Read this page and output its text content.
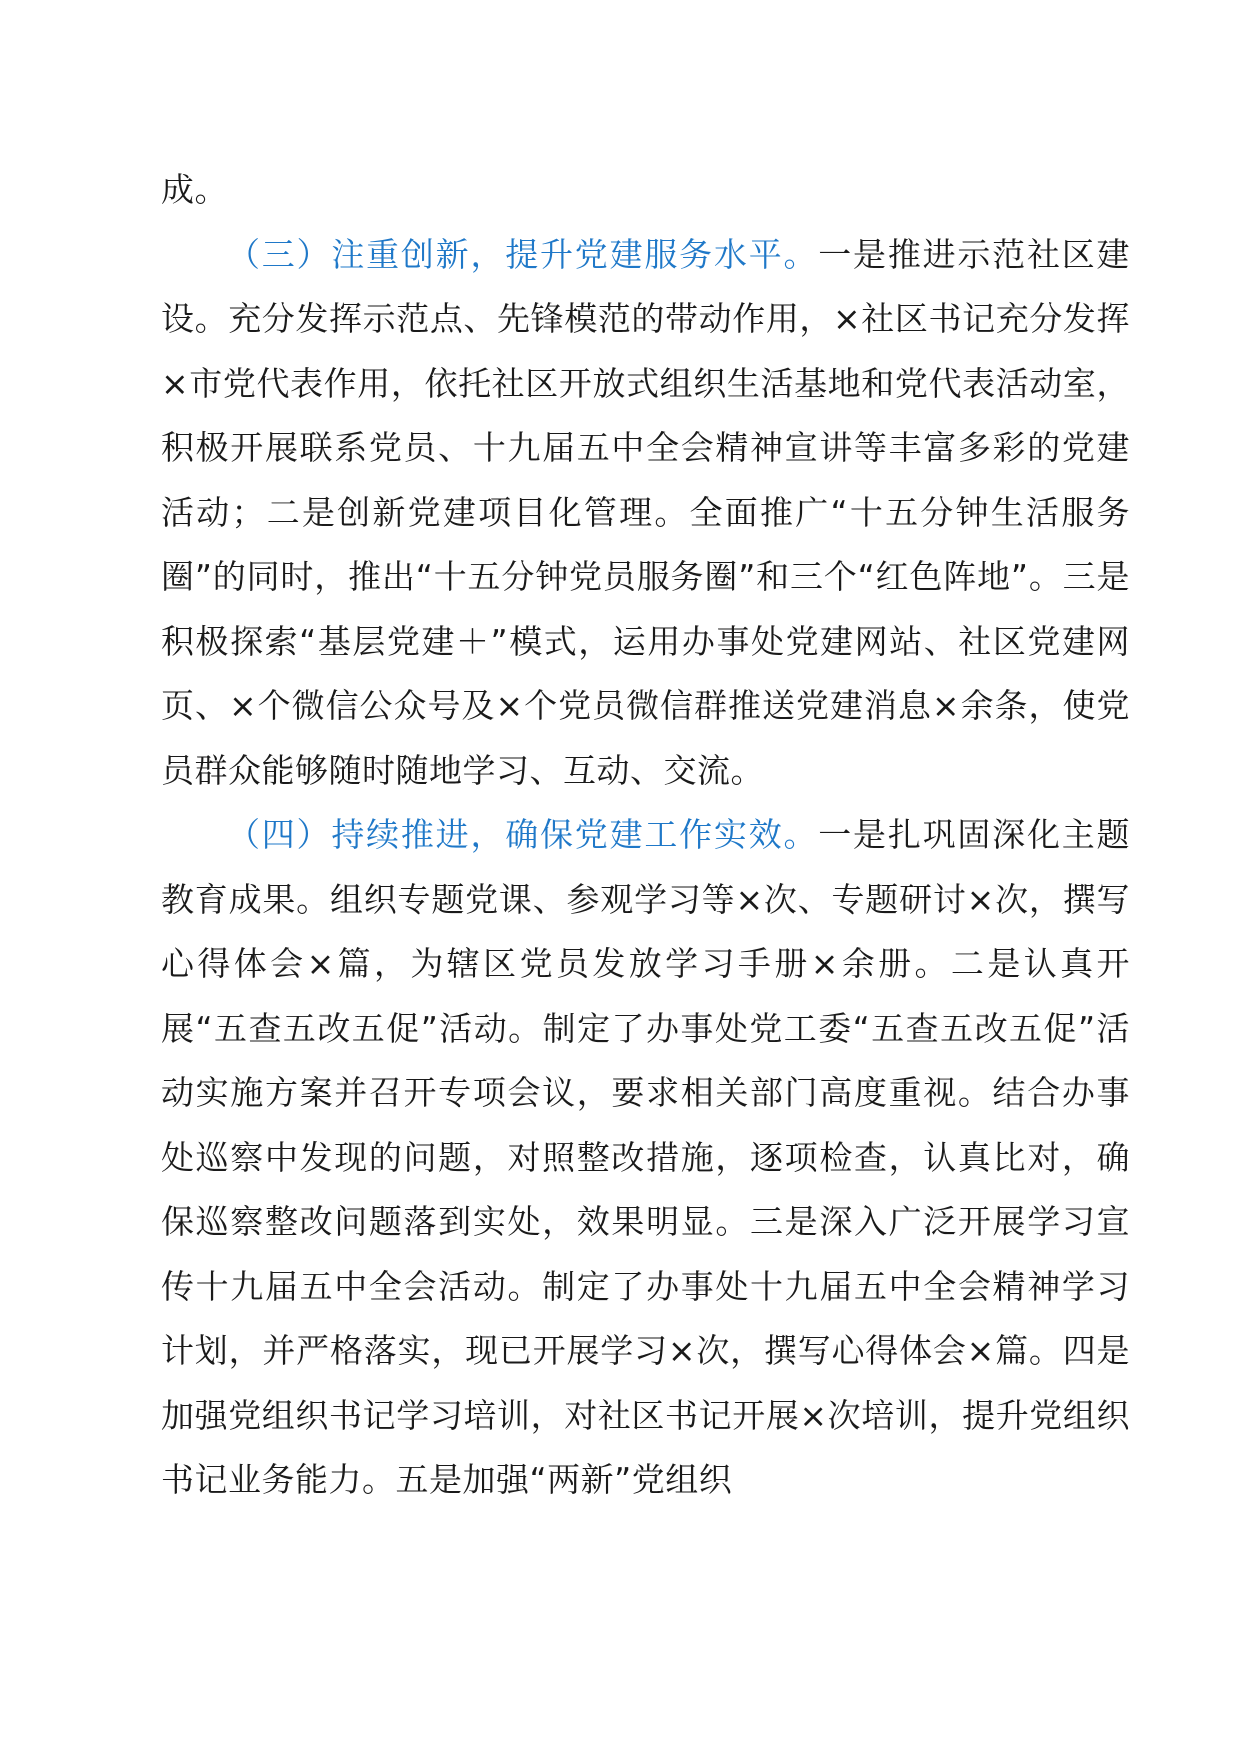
成。

（三）注重创新，提升党建服务水平。一是推进示范社区建设。充分发挥示范点、先锋模范的带动作用，×社区书记充分发挥×市党代表作用，依托社区开放式组织生活基地和党代表活动室，积极开展联系党员、十九届五中全会精神宣讲等丰富多彩的党建活动；二是创新党建项目化管理。全面推广“十五分钟生活服务圈”的同时，推出“十五分钟党员服务圈”和三个“红色阵地”。三是积极探索“基层党建＋”模式，运用办事处党建网站、社区党建网页、×个微信公众号及×个党员微信群推送党建消息×余条，使党员群众能够随时随地学习、互动、交流。

（四）持续推进，确保党建工作实效。一是扎巩固深化主题教育成果。组织专题党课、参观学习等×次、专题研讨×次，撰写心得体会×篇，为辖区党员发放学习手册×余册。二是认真开展“五查五改五促”活动。制定了办事处党工委“五查五改五促”活动实施方案并召开专项会议，要求相关部门高度重视。结合办事处巡察中发现的问题，对照整改措施，逐项检查，认真比对，确保巡察整改问题落到实处，效果明显。三是深入广泛开展学习宣传十九届五中全会活动。制定了办事处十九届五中全会精神学习计划，并严格落实，现已开展学习×次，撰写心得体会×篇。四是加强党组织书记学习培训，对社区书记开展×次培训，提升党组织书记业务能力。五是加强“两新”党组织
